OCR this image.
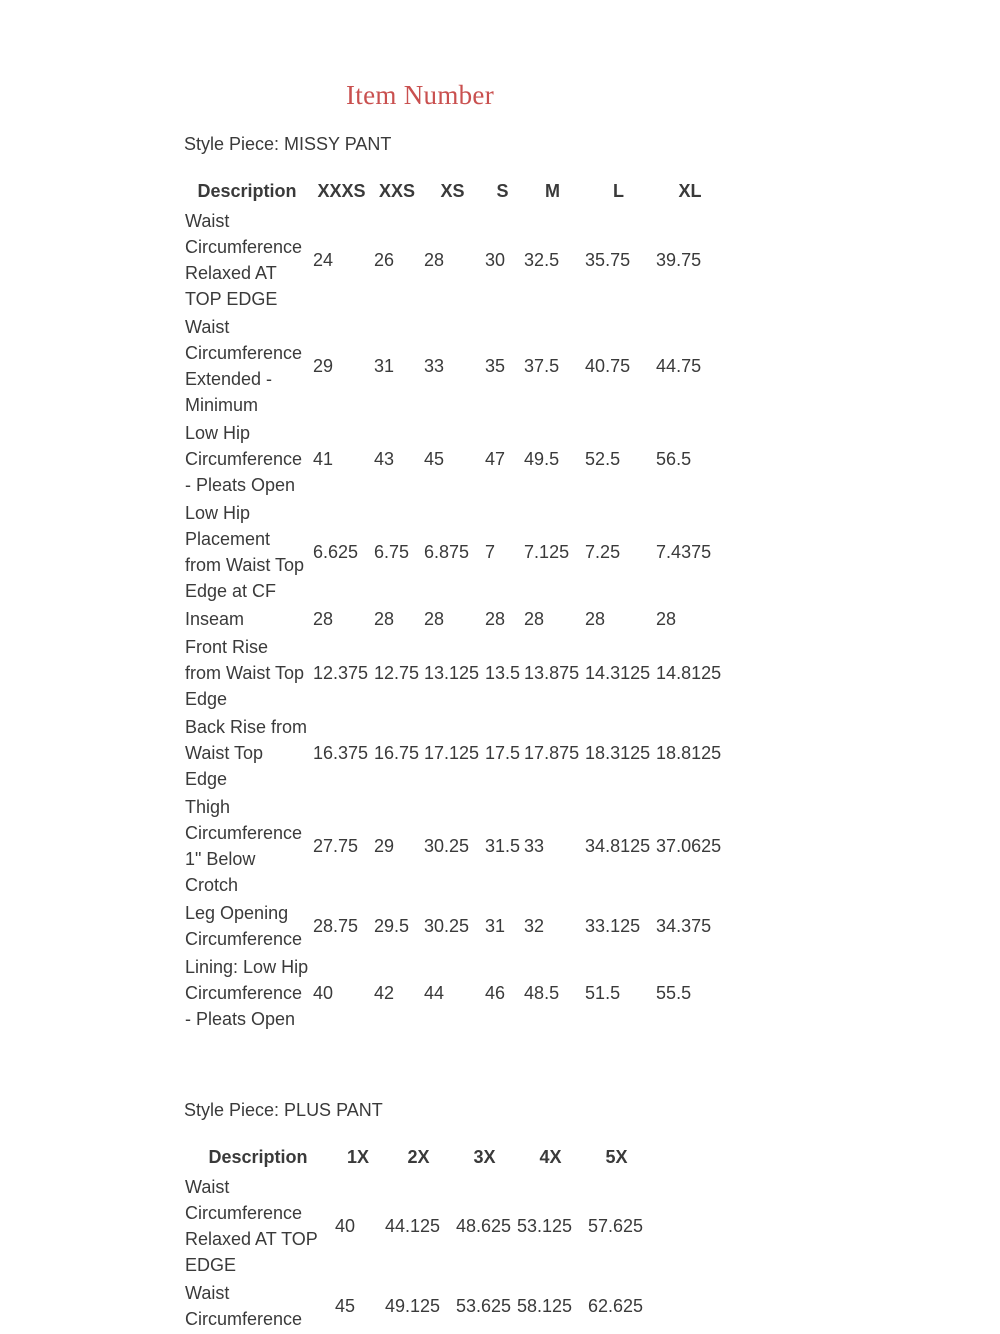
Item Number
Style Piece: MISSY PANT
Description	XXXS	XXS	XS	S	M	L	XL
Waist Circumference Relaxed AT TOP EDGE	24	26	28	30	32.5	35.75	39.75
Waist Circumference Extended - Minimum	29	31	33	35	37.5	40.75	44.75
Low Hip Circumference - Pleats Open	41	43	45	47	49.5	52.5	56.5
Low Hip Placement from Waist Top Edge at CF	6.625	6.75	6.875	7	7.125	7.25	7.4375
Inseam	28	28	28	28	28	28	28
Front Rise from Waist Top Edge	12.375	12.75	13.125	13.5	13.875	14.3125	14.8125
Back Rise from Waist Top Edge	16.375	16.75	17.125	17.5	17.875	18.3125	18.8125
Thigh Circumference 1" Below Crotch	27.75	29	30.25	31.5	33	34.8125	37.0625
Leg Opening Circumference	28.75	29.5	30.25	31	32	33.125	34.375
Lining: Low Hip Circumference - Pleats Open	40	42	44	46	48.5	51.5	55.5
Style Piece: PLUS PANT
Description	1X	2X	3X	4X	5X
Waist Circumference Relaxed AT TOP EDGE	40	44.125	48.625	53.125	57.625
Waist Circumference	45	49.125	53.625	58.125	62.625
